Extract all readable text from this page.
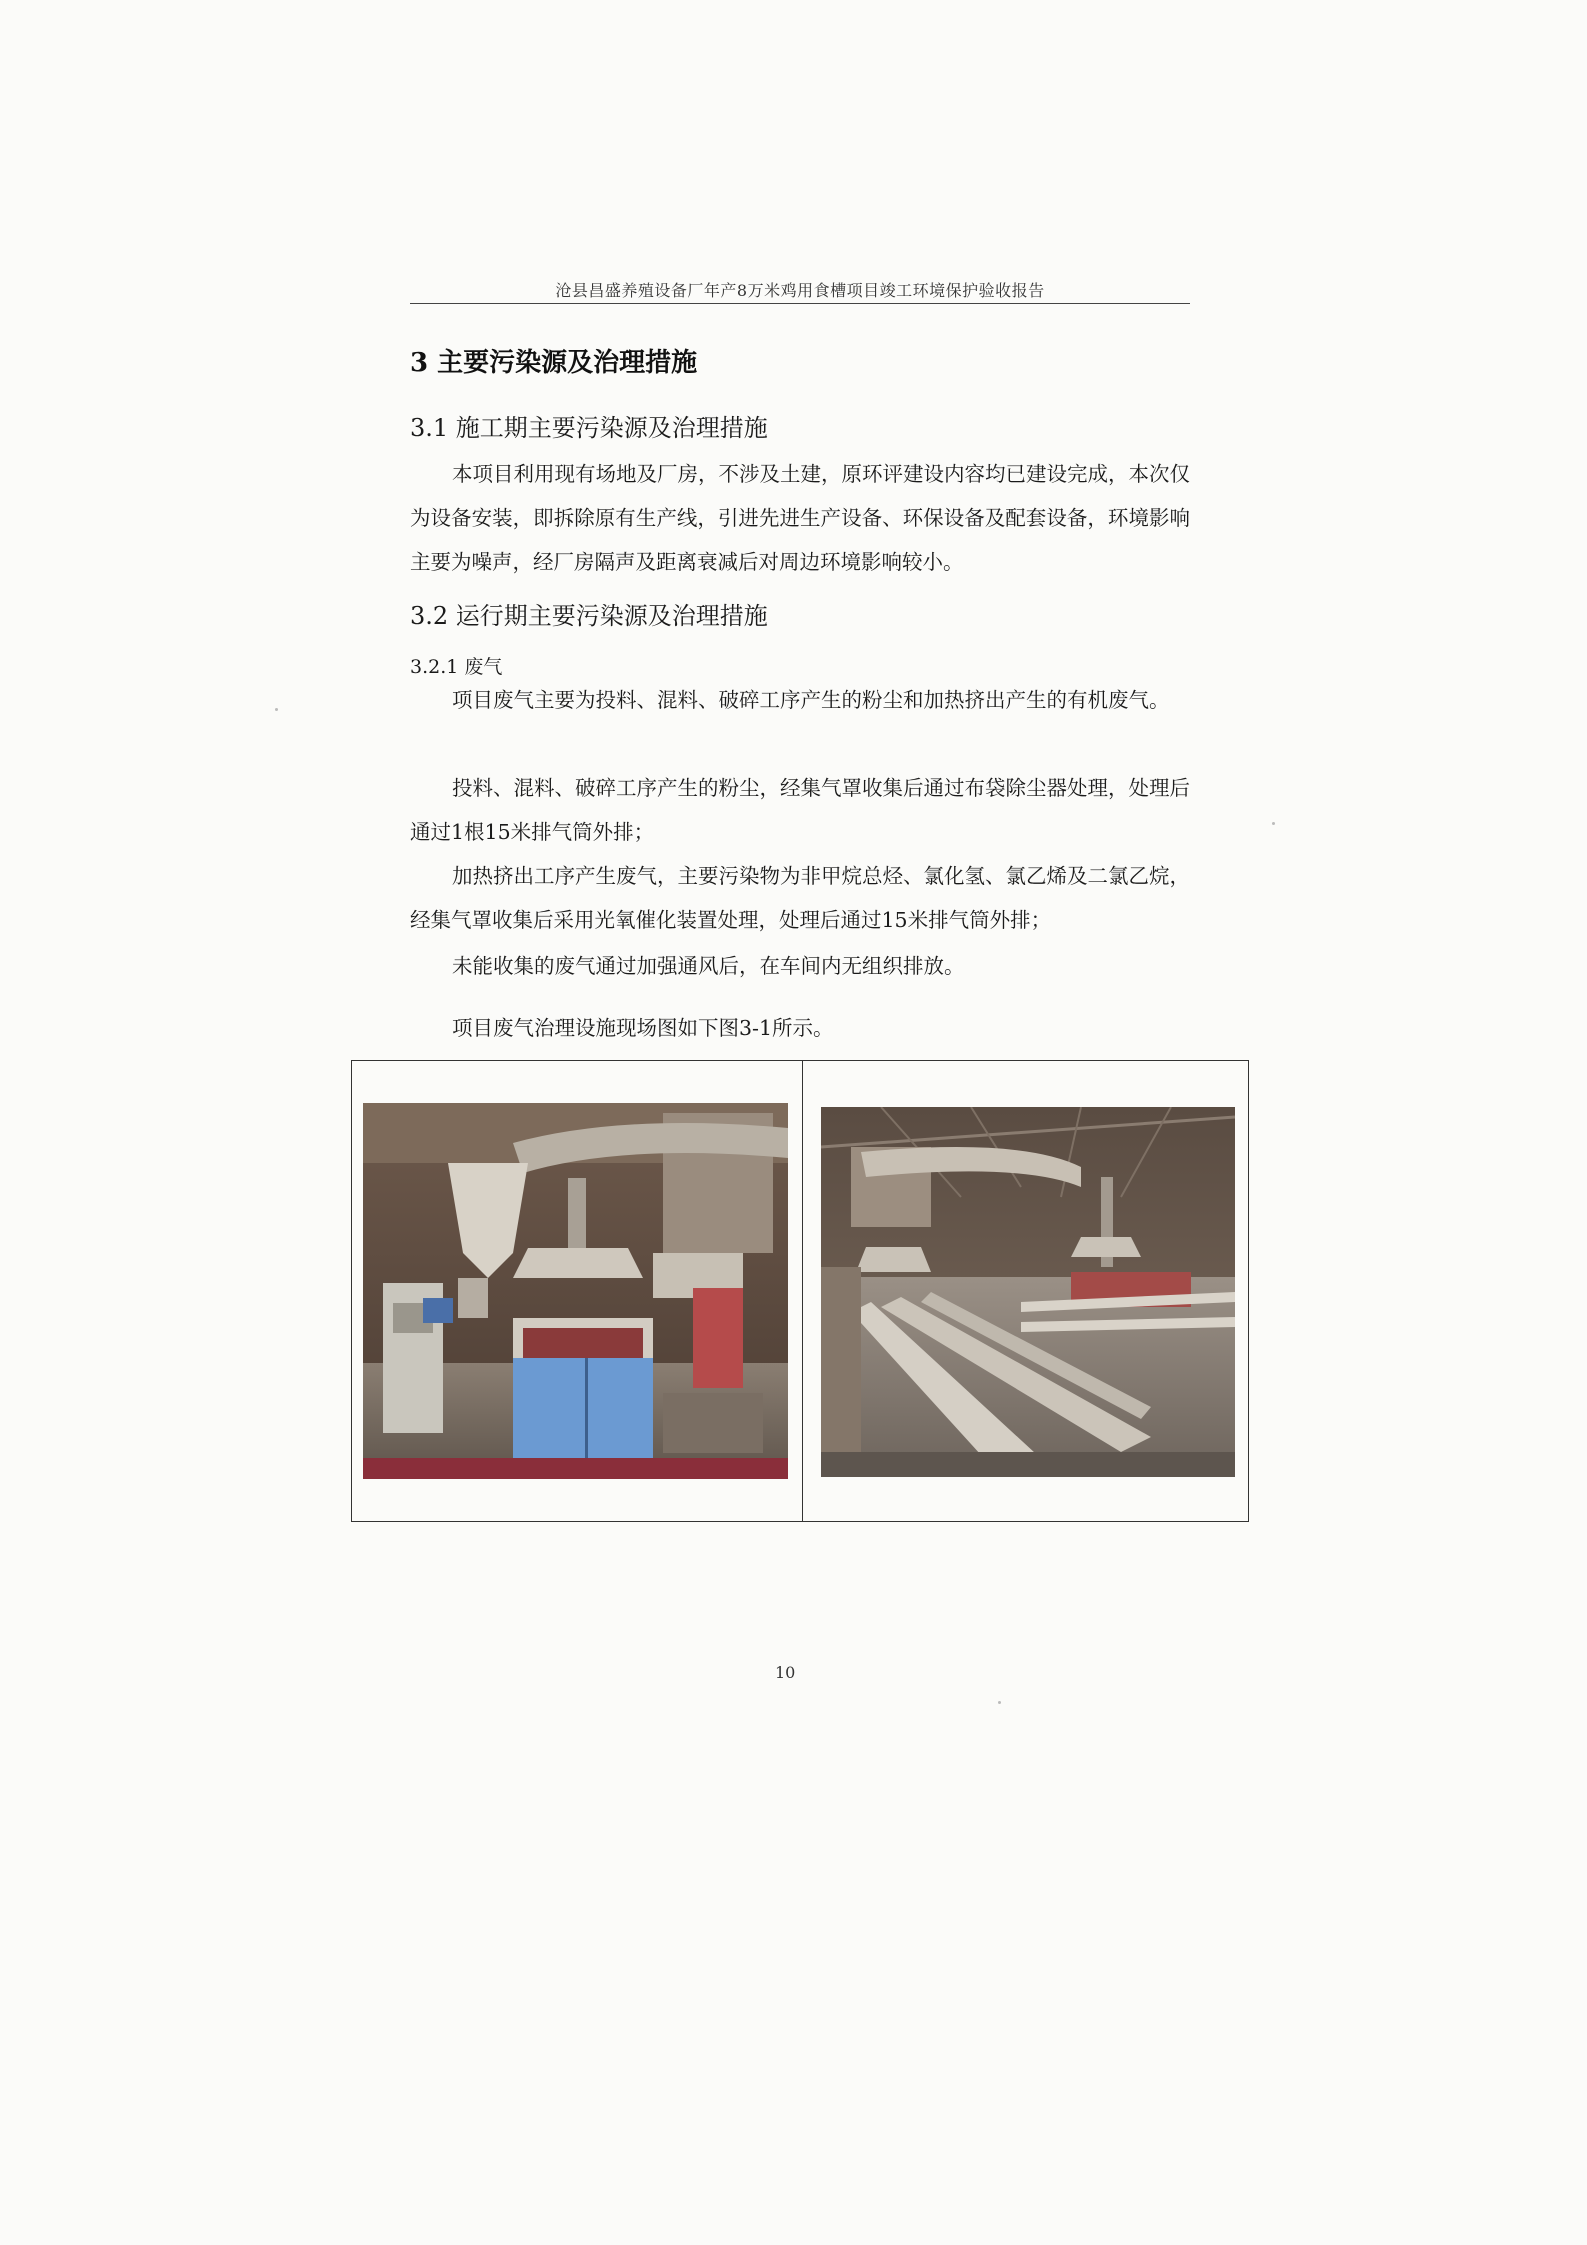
沧县昌盛养殖设备厂年产8万米鸡用食槽项目竣工环境保护验收报告
3 主要污染源及治理措施
3.1 施工期主要污染源及治理措施

本项目利用现有场地及厂房，不涉及土建，原环评建设内容均已建设完成，本次仅为设备安装，即拆除原有生产线，引进先进生产设备、环保设备及配套设备，环境影响主要为噪声，经厂房隔声及距离衰减后对周边环境影响较小。

3.2 运行期主要污染源及治理措施
3.2.1 废气

项目废气主要为投料、混料、破碎工序产生的粉尘和加热挤出产生的有机废气。

投料、混料、破碎工序产生的粉尘，经集气罩收集后通过布袋除尘器处理，处理后通过1根15米排气筒外排；

加热挤出工序产生废气，主要污染物为非甲烷总烃、氯化氢、氯乙烯及二氯乙烷，经集气罩收集后采用光氧催化装置处理，处理后通过15米排气筒外排；

未能收集的废气通过加强通风后，在车间内无组织排放。

项目废气治理设施现场图如下图3-1所示。

10
